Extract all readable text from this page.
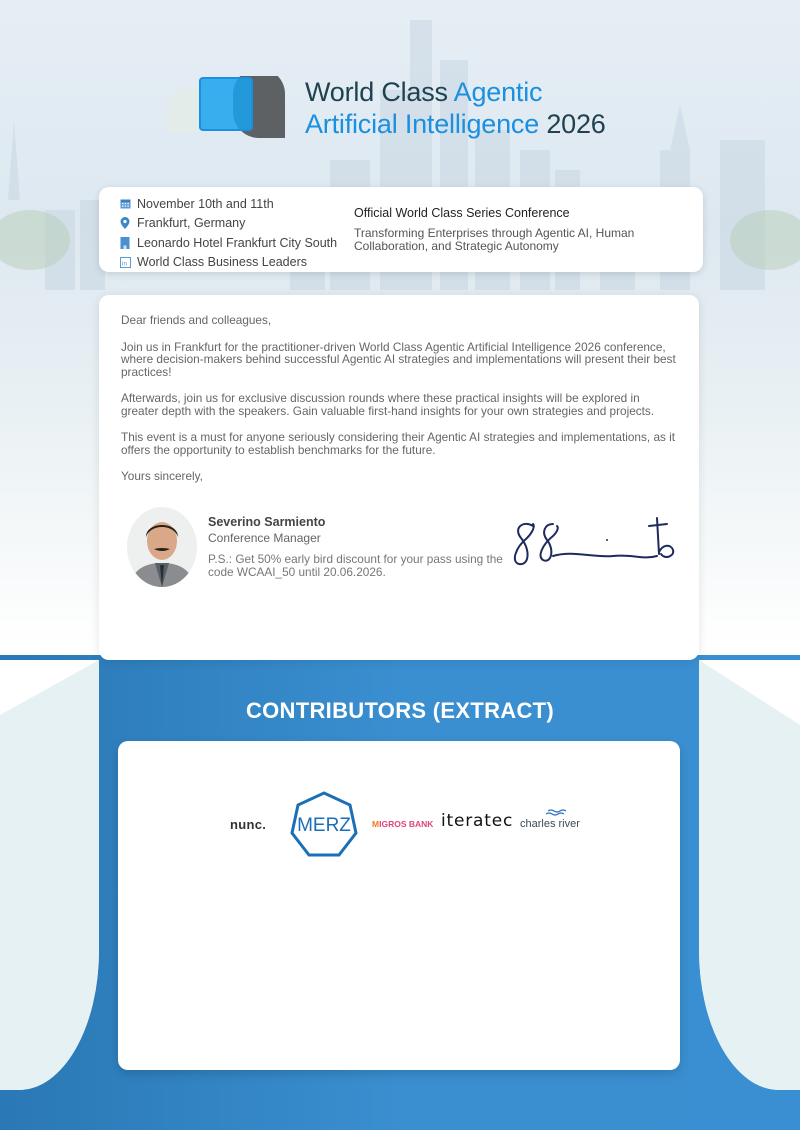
World Class Agentic
Artificial Intelligence 2026
November 10th and 11th
Frankfurt, Germany
Leonardo Hotel Frankfurt City South
in World Class Business Leaders
Official World Class Series Conference
Transforming Enterprises through Agentic AI, Human Collaboration, and Strategic Autonomy

Dear friends and colleagues,

Join us in Frankfurt for the practitioner-driven World Class Agentic Artificial Intelligence 2026 conference, where decision-makers behind successful Agentic AI strategies and implementations will present their best practices!

Afterwards, join us for exclusive discussion rounds where these practical insights will be explored in greater depth with the speakers. Gain valuable first-hand insights for your own strategies and projects.

This event is a must for anyone seriously considering their Agentic AI strategies and implementations, as it offers the opportunity to establish benchmarks for the future.

Yours sincerely,

Severino Sarmiento
Conference Manager
P.S.: Get 50% early bird discount for your pass using the code WCAAI_50 until 20.06.2026.
CONTRIBUTORS (EXTRACT)
nunc. MERZ MIGROS BANK iteratec charles river
